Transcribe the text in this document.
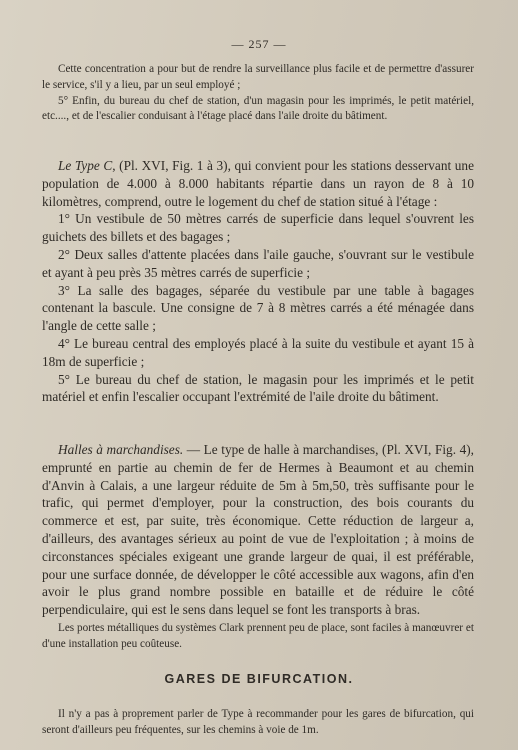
— 257 —

Cette concentration a pour but de rendre la surveillance plus facile et de permettre d'assurer le service, s'il y a lieu, par un seul employé ;

5° Enfin, du bureau du chef de station, d'un magasin pour les imprimés, le petit matériel, etc...., et de l'escalier conduisant à l'étage placé dans l'aile droite du bâtiment.

Le Type C, (Pl. XVI, Fig. 1 à 3), qui convient pour les stations desservant une population de 4.000 à 8.000 habitants répartie dans un rayon de 8 à 10 kilomètres, comprend, outre le logement du chef de station situé à l'étage :

1° Un vestibule de 50 mètres carrés de superficie dans lequel s'ouvrent les guichets des billets et des bagages ;

2° Deux salles d'attente placées dans l'aile gauche, s'ouvrant sur le vestibule et ayant à peu près 35 mètres carrés de superficie ;

3° La salle des bagages, séparée du vestibule par une table à bagages contenant la bascule. Une consigne de 7 à 8 mètres carrés a été ménagée dans l'angle de cette salle ;

4° Le bureau central des employés placé à la suite du vestibule et ayant 15 à 18m de superficie ;

5° Le bureau du chef de station, le magasin pour les imprimés et le petit matériel et enfin l'escalier occupant l'extrémité de l'aile droite du bâtiment.

Halles à marchandises. — Le type de halle à marchandises, (Pl. XVI, Fig. 4), emprunté en partie au chemin de fer de Hermes à Beaumont et au chemin d'Anvin à Calais, a une largeur réduite de 5m à 5m,50, très suffisante pour le trafic, qui permet d'employer, pour la construction, des bois courants du commerce et est, par suite, très économique. Cette réduction de largeur a, d'ailleurs, des avantages sérieux au point de vue de l'exploitation ; à moins de circonstances spéciales exigeant une grande largeur de quai, il est préférable, pour une surface donnée, de développer le côté accessible aux wagons, afin d'en avoir le plus grand nombre possible en bataille et de réduire le côté perpendiculaire, qui est le sens dans lequel se font les transports à bras.

Les portes métalliques du systèmes Clark prennent peu de place, sont faciles à manœuvrer et d'une installation peu coûteuse.

GARES DE BIFURCATION.

Il n'y a pas à proprement parler de Type à recommander pour les gares de bifurcation, qui seront d'ailleurs peu fréquentes, sur les chemins à voie de 1m.
